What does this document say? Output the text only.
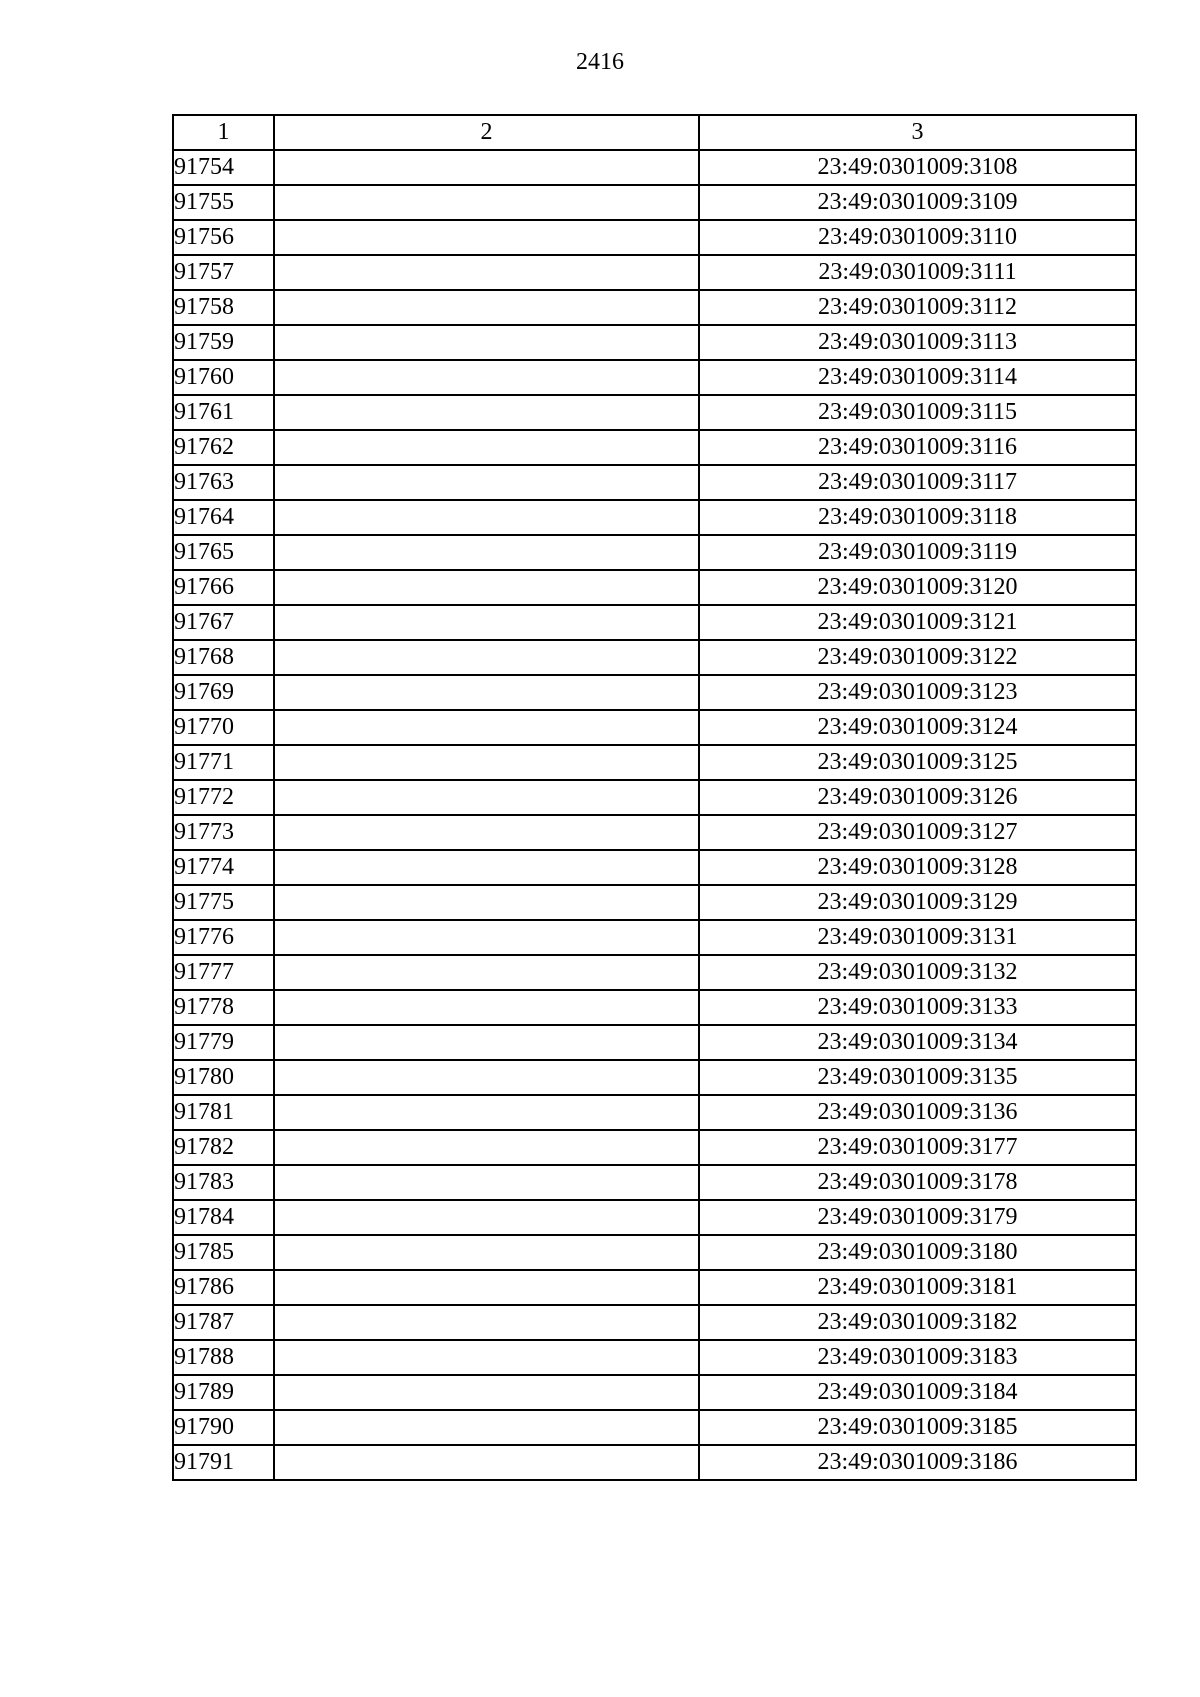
2416
1	2	3
91754		23:49:0301009:3108
91755		23:49:0301009:3109
91756		23:49:0301009:3110
91757		23:49:0301009:3111
91758		23:49:0301009:3112
91759		23:49:0301009:3113
91760		23:49:0301009:3114
91761		23:49:0301009:3115
91762		23:49:0301009:3116
91763		23:49:0301009:3117
91764		23:49:0301009:3118
91765		23:49:0301009:3119
91766		23:49:0301009:3120
91767		23:49:0301009:3121
91768		23:49:0301009:3122
91769		23:49:0301009:3123
91770		23:49:0301009:3124
91771		23:49:0301009:3125
91772		23:49:0301009:3126
91773		23:49:0301009:3127
91774		23:49:0301009:3128
91775		23:49:0301009:3129
91776		23:49:0301009:3131
91777		23:49:0301009:3132
91778		23:49:0301009:3133
91779		23:49:0301009:3134
91780		23:49:0301009:3135
91781		23:49:0301009:3136
91782		23:49:0301009:3177
91783		23:49:0301009:3178
91784		23:49:0301009:3179
91785		23:49:0301009:3180
91786		23:49:0301009:3181
91787		23:49:0301009:3182
91788		23:49:0301009:3183
91789		23:49:0301009:3184
91790		23:49:0301009:3185
91791		23:49:0301009:3186
